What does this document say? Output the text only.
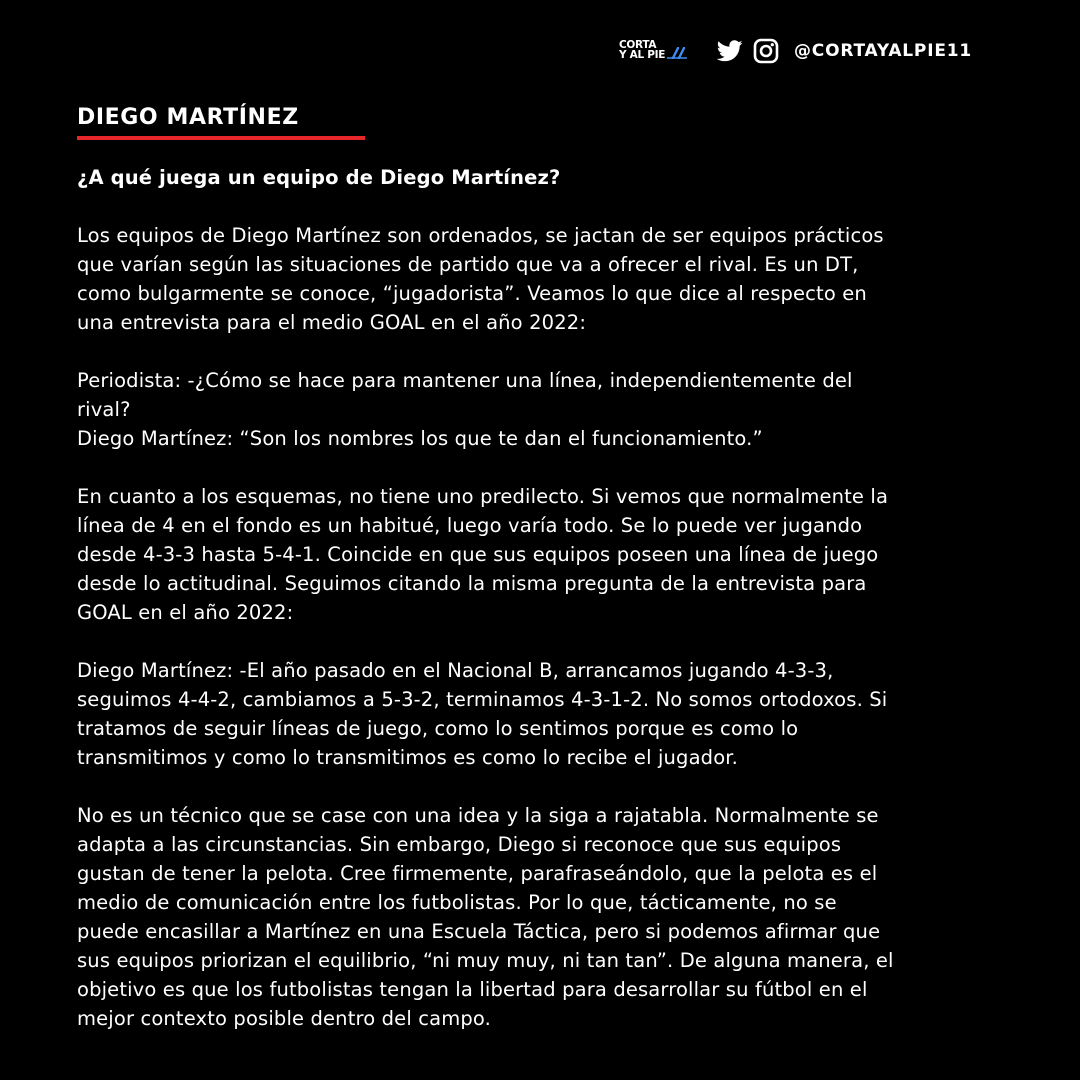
CORTA
Y AL PIE	@CORTAYALPIE11
DIEGO MARTÍNEZ
¿A qué juega un equipo de Diego Martínez?
Los equipos de Diego Martínez son ordenados, se jactan de ser equipos prácticos
que varían según las situaciones de partido que va a ofrecer el rival. Es un DT,
como bulgarmente se conoce, “jugadorista”. Veamos lo que dice al respecto en
una entrevista para el medio GOAL en el año 2022:
Periodista: -¿Cómo se hace para mantener una línea, independientemente del
rival?
Diego Martínez: “Son los nombres los que te dan el funcionamiento.”
En cuanto a los esquemas, no tiene uno predilecto. Si vemos que normalmente la
línea de 4 en el fondo es un habitué, luego varía todo. Se lo puede ver jugando
desde 4-3-3 hasta 5-4-1. Coincide en que sus equipos poseen una línea de juego
desde lo actitudinal. Seguimos citando la misma pregunta de la entrevista para
GOAL en el año 2022:
Diego Martínez: -El año pasado en el Nacional B, arrancamos jugando 4-3-3,
seguimos 4-4-2, cambiamos a 5-3-2, terminamos 4-3-1-2. No somos ortodoxos. Si
tratamos de seguir líneas de juego, como lo sentimos porque es como lo
transmitimos y como lo transmitimos es como lo recibe el jugador.
No es un técnico que se case con una idea y la siga a rajatabla. Normalmente se
adapta a las circunstancias. Sin embargo, Diego si reconoce que sus equipos
gustan de tener la pelota. Cree firmemente, parafraseándolo, que la pelota es el
medio de comunicación entre los futbolistas. Por lo que, tácticamente, no se
puede encasillar a Martínez en una Escuela Táctica, pero si podemos afirmar que
sus equipos priorizan el equilibrio, “ni muy muy, ni tan tan”. De alguna manera, el
objetivo es que los futbolistas tengan la libertad para desarrollar su fútbol en el
mejor contexto posible dentro del campo.
